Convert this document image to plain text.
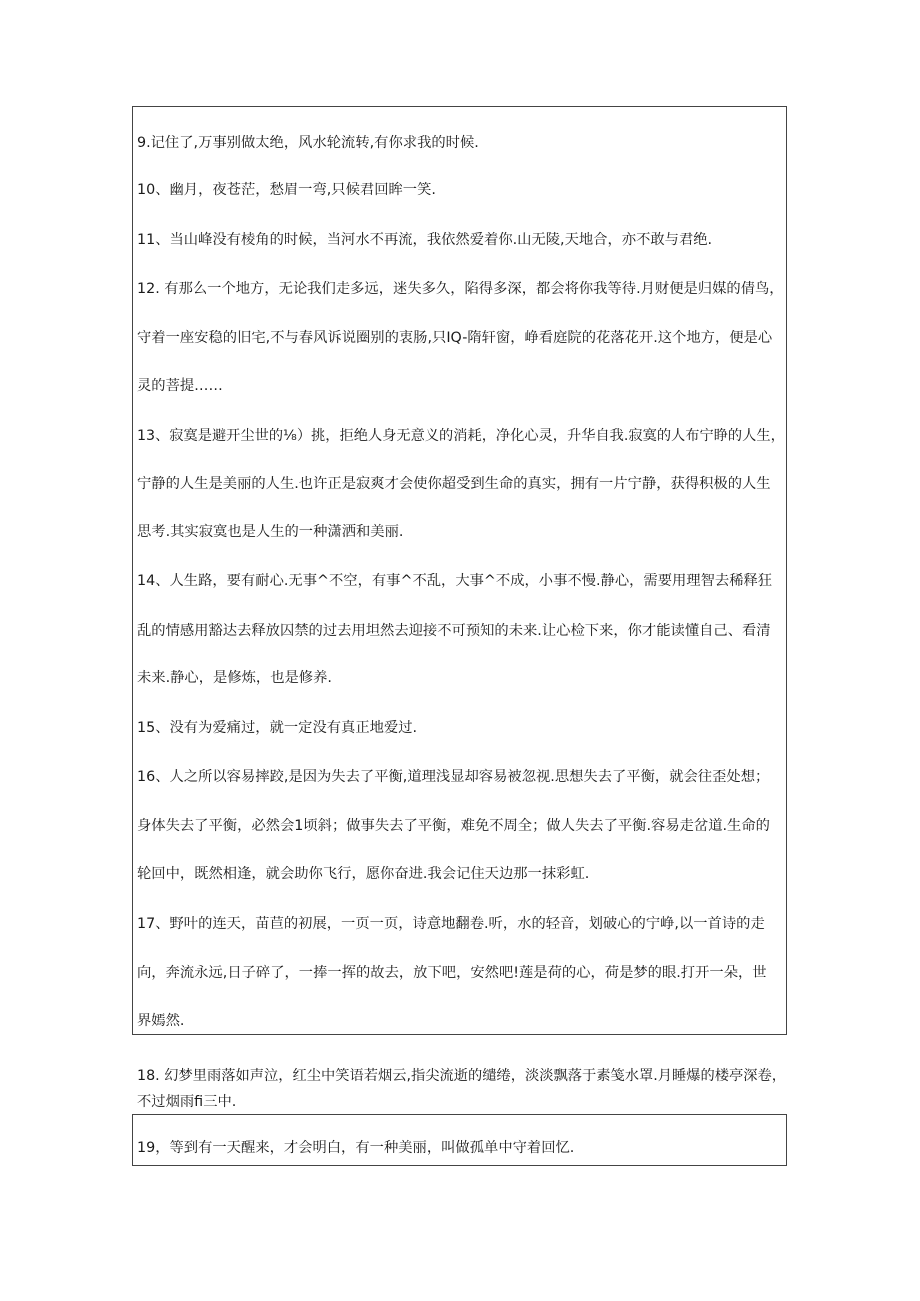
9.记住了,万事别做太绝，风水轮流转,有你求我的时候.
10、幽月，夜苍茫，愁眉一弯,只候君回眸一笑.
11、当山峰没有棱角的时候，当河水不再流，我依然爱着你.山无陵,天地合，亦不敢与君绝.
12. 有那么一个地方，无论我们走多远，迷失多久，陷得多深，都会将你我等待.月财便是归媒的倩鸟，
守着一座安稳的旧宅,不与春风诉说圈别的衷肠,只IQ-隋轩窗，峥看庭院的花落花开.这个地方，便是心
灵的菩提……
13、寂寞是避开尘世的⅛）挑，拒绝人身无意义的消耗，净化心灵，升华自我.寂寞的人布宁睁的人生，
宁静的人生是美丽的人生.也许正是寂爽才会使你超受到生命的真实，拥有一片宁静，获得积极的人生
思考.其实寂寞也是人生的一种潇洒和美丽.
14、人生路，要有耐心.无事^不空，有事^不乱，大事^不成，小事不慢.静心，需要用理智去稀释狂
乱的情感用豁达去释放囚禁的过去用坦然去迎接不可预知的未来.让心检下来，你才能读懂自己、看清
未来.静心，是修炼，也是修养.
15、没有为爱痛过，就一定没有真正地爱过.
16、人之所以容易摔跤,是因为失去了平衡,道理浅显却容易被忽视.思想失去了平衡，就会往歪处想；
身体失去了平衡，必然会1顷斜；做事失去了平衡，难免不周全；做人失去了平衡.容易走岔道.生命的
轮回中，既然相逢，就会助你飞行，愿你奋进.我会记住天边那一抹彩虹.
17、野叶的连天，苗苣的初展，一页一页，诗意地翻卷.听，水的轻音，划破心的宁峥,以一首诗的走
向，奔流永远,日子碎了，一捧一挥的故去，放下吧，安然吧!莲是荷的心，荷是梦的眼.打开一朵，世
界嫣然.
18. 幻梦里雨落如声泣，红尘中笑语若烟云,指尖流逝的缱绻，淡淡飘落于素笺水罩.月睡爆的楼亭深卷，
不过烟雨fi三中.
19，等到有一天醒来，才会明白，有一种美丽，叫做孤单中守着回忆.
